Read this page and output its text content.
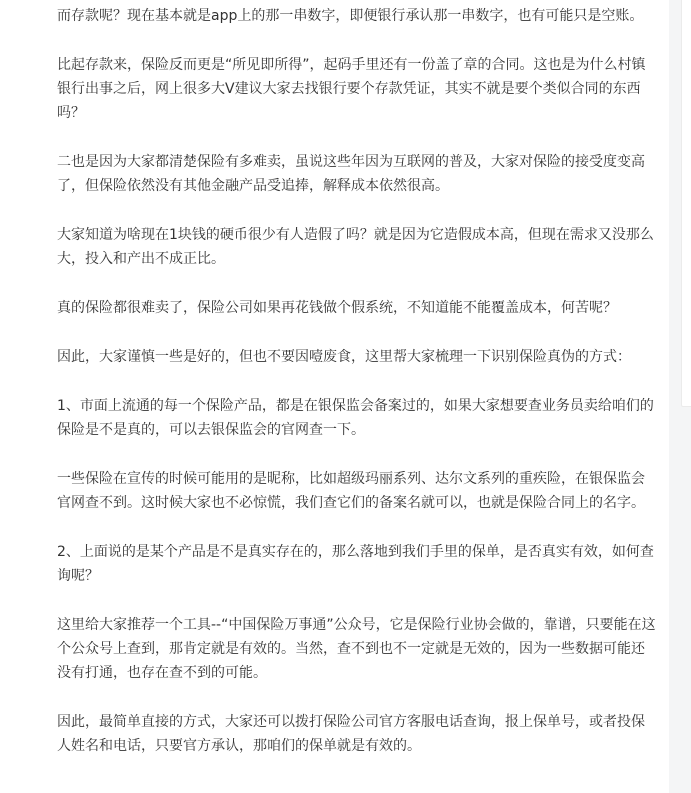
而存款呢？现在基本就是app上的那一串数字，即便银行承认那一串数字，也有可能只是空账。

比起存款来，保险反而更是“所见即所得”，起码手里还有一份盖了章的合同。这也是为什么村镇银行出事之后，网上很多大V建议大家去找银行要个存款凭证，其实不就是要个类似合同的东西吗？

二也是因为大家都清楚保险有多难卖，虽说这些年因为互联网的普及，大家对保险的接受度变高了，但保险依然没有其他金融产品受追捧，解释成本依然很高。

大家知道为啥现在1块钱的硬币很少有人造假了吗？就是因为它造假成本高，但现在需求又没那么大，投入和产出不成正比。

真的保险都很难卖了，保险公司如果再花钱做个假系统，不知道能不能覆盖成本，何苦呢？

因此，大家谨慎一些是好的，但也不要因噎废食，这里帮大家梳理一下识别保险真伪的方式：

1、市面上流通的每一个保险产品，都是在银保监会备案过的，如果大家想要查业务员卖给咱们的保险是不是真的，可以去银保监会的官网查一下。

一些保险在宣传的时候可能用的是昵称，比如超级玛丽系列、达尔文系列的重疾险，在银保监会官网查不到。这时候大家也不必惊慌，我们查它们的备案名就可以，也就是保险合同上的名字。

2、上面说的是某个产品是不是真实存在的，那么落地到我们手里的保单，是否真实有效，如何查询呢？

这里给大家推荐一个工具--“中国保险万事通”公众号，它是保险行业协会做的，靠谱，只要能在这个公众号上查到，那肯定就是有效的。当然，查不到也不一定就是无效的，因为一些数据可能还没有打通，也存在查不到的可能。

因此，最简单直接的方式，大家还可以拨打保险公司官方客服电话查询，报上保单号，或者投保人姓名和电话，只要官方承认，那咱们的保单就是有效的。
